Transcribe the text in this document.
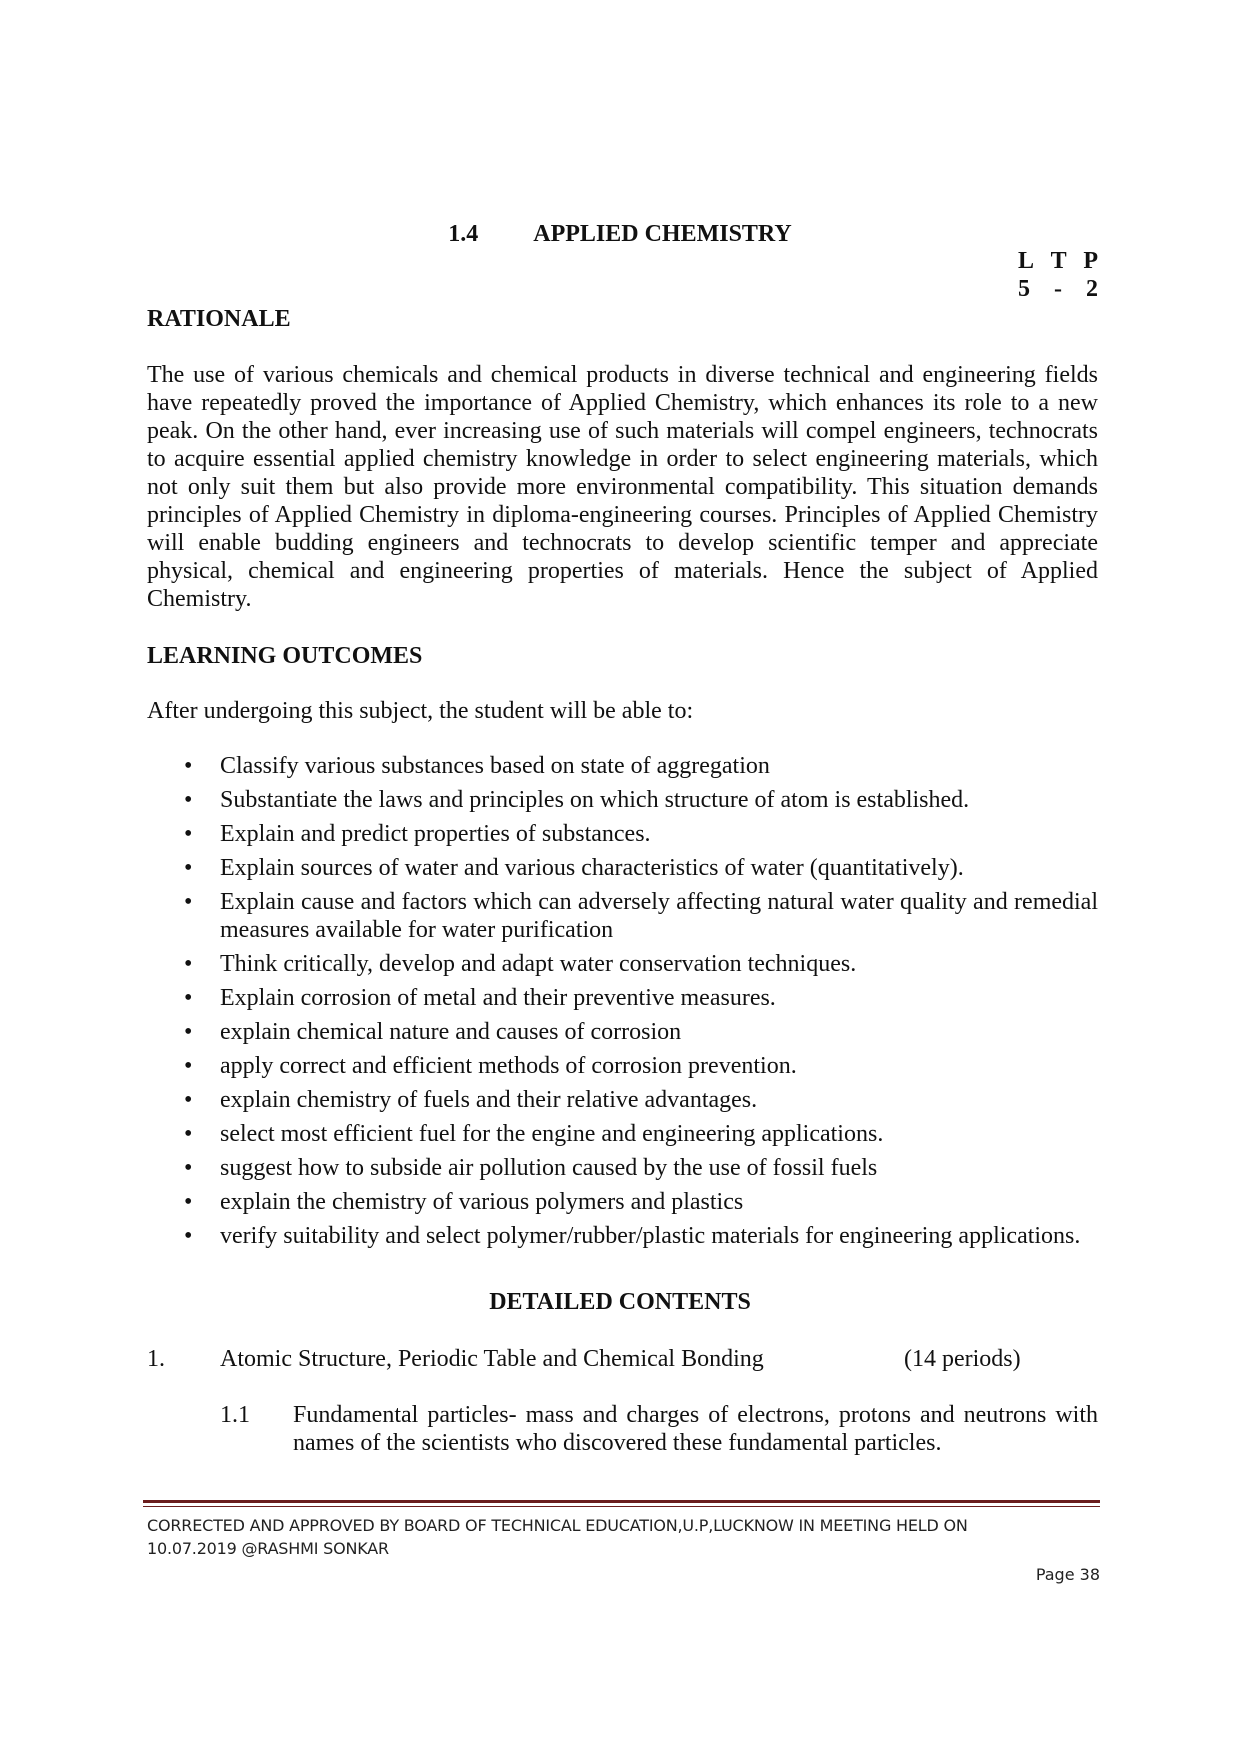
1.4 APPLIED CHEMISTRY
L T P
5 - 2
RATIONALE
The use of various chemicals and chemical products in diverse technical and engineering fields have repeatedly proved the importance of Applied Chemistry, which enhances its role to a new peak. On the other hand, ever increasing use of such materials will compel engineers, technocrats to acquire essential applied chemistry knowledge in order to select engineering materials, which not only suit them but also provide more environmental compatibility. This situation demands principles of Applied Chemistry in diploma-engineering courses. Principles of Applied Chemistry will enable budding engineers and technocrats to develop scientific temper and appreciate physical, chemical and engineering properties of materials. Hence the subject of Applied Chemistry.
LEARNING OUTCOMES
After undergoing this subject, the student will be able to:
• Classify various substances based on state of aggregation
• Substantiate the laws and principles on which structure of atom is established.
• Explain and predict properties of substances.
• Explain sources of water and various characteristics of water (quantitatively).
• Explain cause and factors which can adversely affecting natural water quality and remedial measures available for water purification
• Think critically, develop and adapt water conservation techniques.
• Explain corrosion of metal and their preventive measures.
• explain chemical nature and causes of corrosion
• apply correct and efficient methods of corrosion prevention.
• explain chemistry of fuels and their relative advantages.
• select most efficient fuel for the engine and engineering applications.
• suggest how to subside air pollution caused by the use of fossil fuels
• explain the chemistry of various polymers and plastics
• verify suitability and select polymer/rubber/plastic materials for engineering applications.
DETAILED CONTENTS
1. Atomic Structure, Periodic Table and Chemical Bonding	(14 periods)
1.1 Fundamental particles- mass and charges of electrons, protons and neutrons with names of the scientists who discovered these fundamental particles.
CORRECTED AND APPROVED BY BOARD OF TECHNICAL EDUCATION,U.P,LUCKNOW IN MEETING HELD ON
10.07.2019 @RASHMI SONKAR
Page 38
